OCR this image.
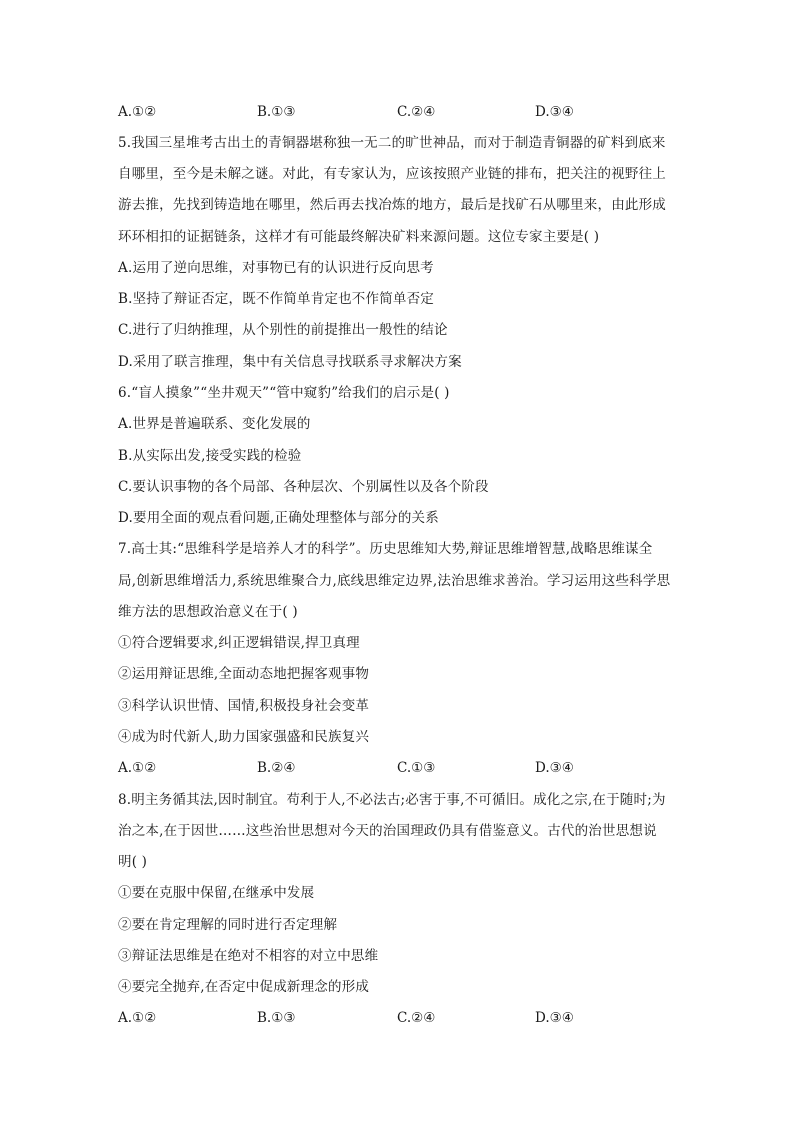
A.①②	B.①③	C.②④	D.③④
5.我国三星堆考古出土的青铜器堪称独一无二的旷世神品，而对于制造青铜器的矿料到底来
自哪里，至今是未解之谜。对此，有专家认为，应该按照产业链的排布，把关注的视野往上
游去推，先找到铸造地在哪里，然后再去找冶炼的地方，最后是找矿石从哪里来，由此形成
环环相扣的证据链条，这样才有可能最终解决矿料来源问题。这位专家主要是( )
A.运用了逆向思维，对事物已有的认识进行反向思考
B.坚持了辩证否定，既不作简单肯定也不作简单否定
C.进行了归纳推理，从个别性的前提推出一般性的结论
D.采用了联言推理，集中有关信息寻找联系寻求解决方案
6.“盲人摸象”“坐井观天”“管中窥豹”给我们的启示是( )
A.世界是普遍联系、变化发展的
B.从实际出发,接受实践的检验
C.要认识事物的各个局部、各种层次、个别属性以及各个阶段
D.要用全面的观点看问题,正确处理整体与部分的关系
7.高士其:“思维科学是培养人才的科学”。历史思维知大势,辩证思维增智慧,战略思维谋全
局,创新思维增活力,系统思维聚合力,底线思维定边界,法治思维求善治。学习运用这些科学思
维方法的思想政治意义在于( )
①符合逻辑要求,纠正逻辑错误,捍卫真理
②运用辩证思维,全面动态地把握客观事物
③科学认识世情、国情,积极投身社会变革
④成为时代新人,助力国家强盛和民族复兴
A.①②	B.②④	C.①③	D.③④
8.明主务循其法,因时制宜。苟利于人,不必法古;必害于事,不可循旧。成化之宗,在于随时;为
治之本,在于因世……这些治世思想对今天的治国理政仍具有借鉴意义。古代的治世思想说
明( )
①要在克服中保留,在继承中发展
②要在肯定理解的同时进行否定理解
③辩证法思维是在绝对不相容的对立中思维
④要完全抛弃,在否定中促成新理念的形成
A.①②	B.①③	C.②④	D.③④
